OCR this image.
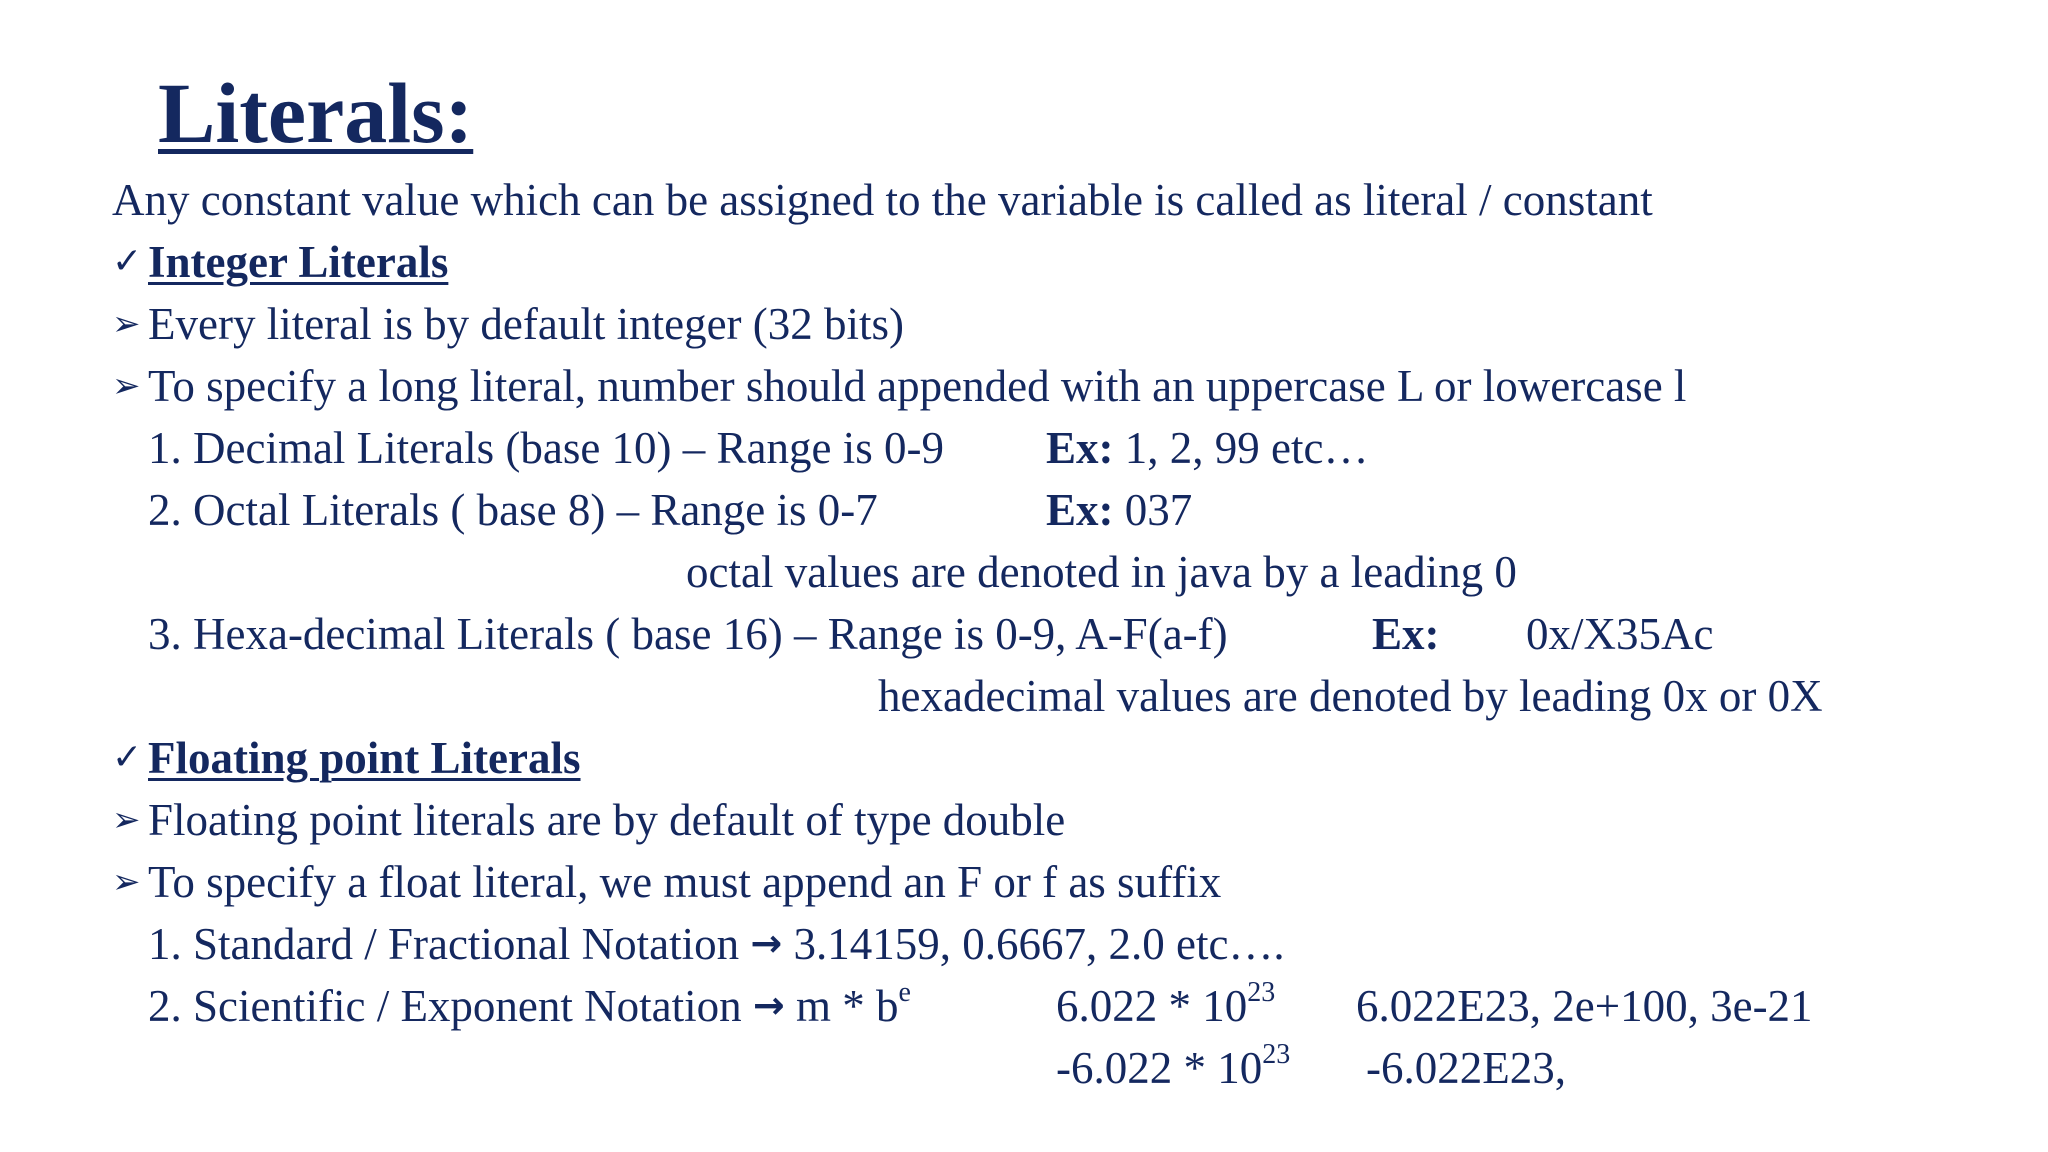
Literals:
Any constant value which can be assigned to the variable is called as literal / constant
✓ Integer Literals
➢ Every literal is by default integer (32 bits)
➢ To specify a long literal, number should appended with an uppercase L or lowercase l
1. Decimal Literals (base 10) – Range is 0-9 Ex: 1, 2, 99 etc…
2. Octal Literals ( base 8) – Range is 0-7	Ex: 037
octal values are denoted in java by a leading 0
3. Hexa-decimal Literals ( base 16) – Range is 0-9, A-F(a-f)	Ex: 0x/X35Ac
hexadecimal values are denoted by leading 0x or 0X
✓ Floating point Literals
➢ Floating point literals are by default of type double
➢ To specify a float literal, we must append an F or f as suffix
1. Standard / Fractional Notation → 3.14159, 0.6667, 2.0 etc….
2. Scientific / Exponent Notation → m * $b^e$	$6.022 * 10^{23}$ 6.022E23, 2e+100, 3e-21
$-6.022 * 10^{23}$ -6.022E23,
